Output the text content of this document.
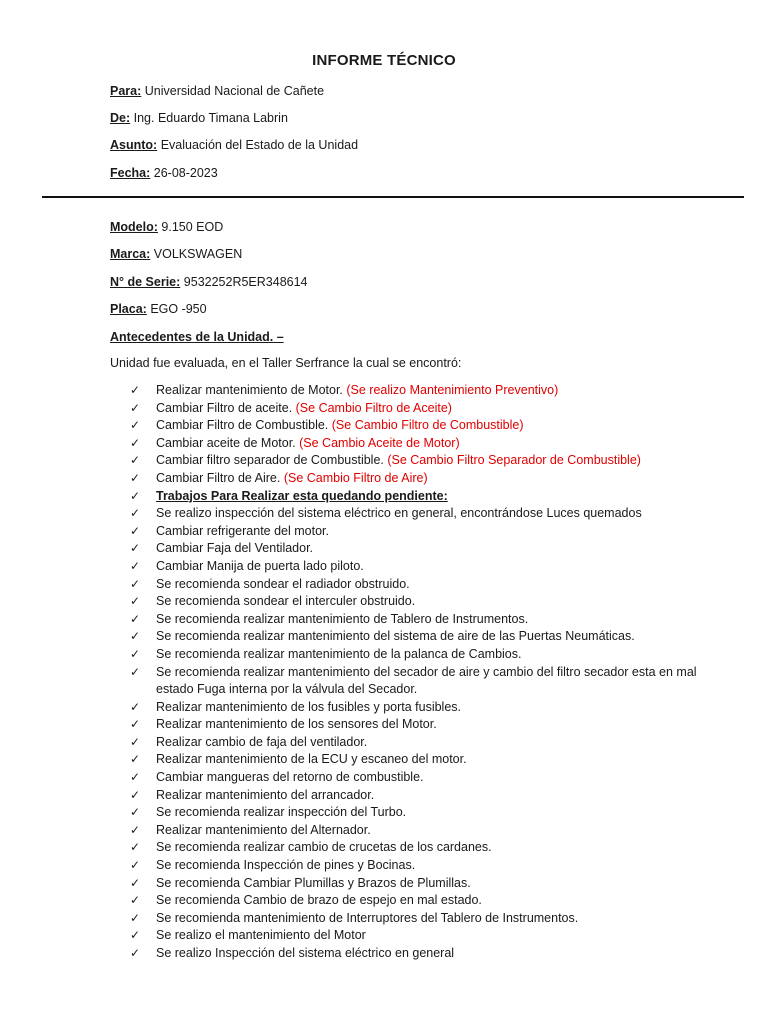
INFORME TÉCNICO
Para: Universidad Nacional de Cañete
De: Ing. Eduardo Timana Labrin
Asunto: Evaluación del Estado de la Unidad
Fecha: 26-08-2023
Modelo: 9.150 EOD
Marca: VOLKSWAGEN
N° de Serie: 9532252R5ER348614
Placa: EGO -950
Antecedentes de la Unidad. –
Unidad fue evaluada, en el Taller Serfrance la cual se encontró:
✓	Realizar mantenimiento de Motor. (Se realizo Mantenimiento Preventivo)
✓	Cambiar Filtro de aceite. (Se Cambio Filtro de Aceite)
✓	Cambiar Filtro de Combustible. (Se Cambio Filtro de Combustible)
✓	Cambiar aceite de Motor. (Se Cambio Aceite de Motor)
✓	Cambiar filtro separador de Combustible. (Se Cambio Filtro Separador de Combustible)
✓	Cambiar Filtro de Aire. (Se Cambio Filtro de Aire)
✓	Trabajos Para Realizar esta quedando pendiente:
✓	Se realizo inspección del sistema eléctrico en general, encontrándose Luces quemados
✓	Cambiar refrigerante del motor.
✓	Cambiar Faja del Ventilador.
✓	Cambiar Manija de puerta lado piloto.
✓	Se recomienda sondear el radiador obstruido.
✓	Se recomienda sondear el interculer obstruido.
✓	Se recomienda realizar mantenimiento de Tablero de Instrumentos.
✓	Se recomienda realizar mantenimiento del sistema de aire de las Puertas Neumáticas.
✓	Se recomienda realizar mantenimiento de la palanca de Cambios.
✓	Se recomienda realizar mantenimiento del secador de aire y cambio del filtro secador esta en mal estado Fuga interna por la válvula del Secador.
✓	Realizar mantenimiento de los fusibles y porta fusibles.
✓	Realizar mantenimiento de los sensores del Motor.
✓	Realizar cambio de faja del ventilador.
✓	Realizar mantenimiento de la ECU y escaneo del motor.
✓	Cambiar mangueras del retorno de combustible.
✓	Realizar mantenimiento del arrancador.
✓	Se recomienda realizar inspección del Turbo.
✓	Realizar mantenimiento del Alternador.
✓	Se recomienda realizar cambio de crucetas de los cardanes.
✓	Se recomienda Inspección de pines y Bocinas.
✓	Se recomienda Cambiar Plumillas y Brazos de Plumillas.
✓	Se recomienda Cambio de brazo de espejo en mal estado.
✓	Se recomienda mantenimiento de Interruptores del Tablero de Instrumentos.
✓	Se realizo el mantenimiento del Motor
✓	Se realizo Inspección del sistema eléctrico en general
